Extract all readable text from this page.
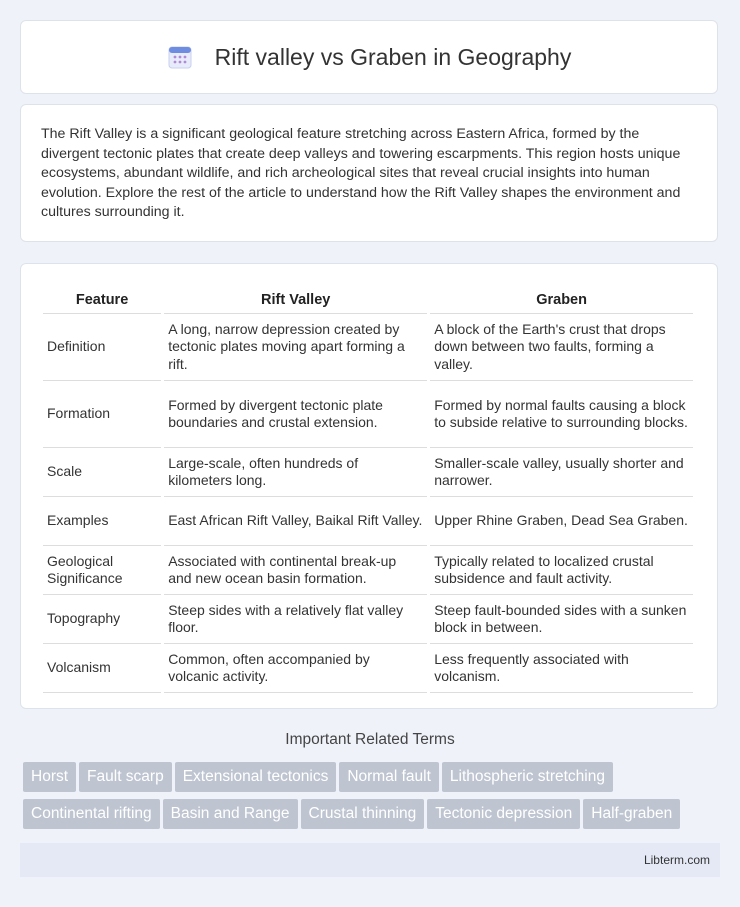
Rift valley vs Graben in Geography

The Rift Valley is a significant geological feature stretching across Eastern Africa, formed by the divergent tectonic plates that create deep valleys and towering escarpments. This region hosts unique ecosystems, abundant wildlife, and rich archeological sites that reveal crucial insights into human evolution. Explore the rest of the article to understand how the Rift Valley shapes the environment and cultures surrounding it.

Feature	Rift Valley	Graben
Definition	A long, narrow depression created by tectonic plates moving apart forming a rift.	A block of the Earth's crust that drops down between two faults, forming a valley.
Formation	Formed by divergent tectonic plate boundaries and crustal extension.	Formed by normal faults causing a block to subside relative to surrounding blocks.
Scale	Large-scale, often hundreds of kilometers long.	Smaller-scale valley, usually shorter and narrower.
Examples	East African Rift Valley, Baikal Rift Valley.	Upper Rhine Graben, Dead Sea Graben.
Geological Significance	Associated with continental break-up and new ocean basin formation.	Typically related to localized crustal subsidence and fault activity.
Topography	Steep sides with a relatively flat valley floor.	Steep fault-bounded sides with a sunken block in between.
Volcanism	Common, often accompanied by volcanic activity.	Less frequently associated with volcanism.
Important Related Terms
Horst Fault scarp Extensional tectonics Normal fault Lithospheric stretchingContinental rifting Basin and Range Crustal thinning Tectonic depression Half-graben
Libterm.com
